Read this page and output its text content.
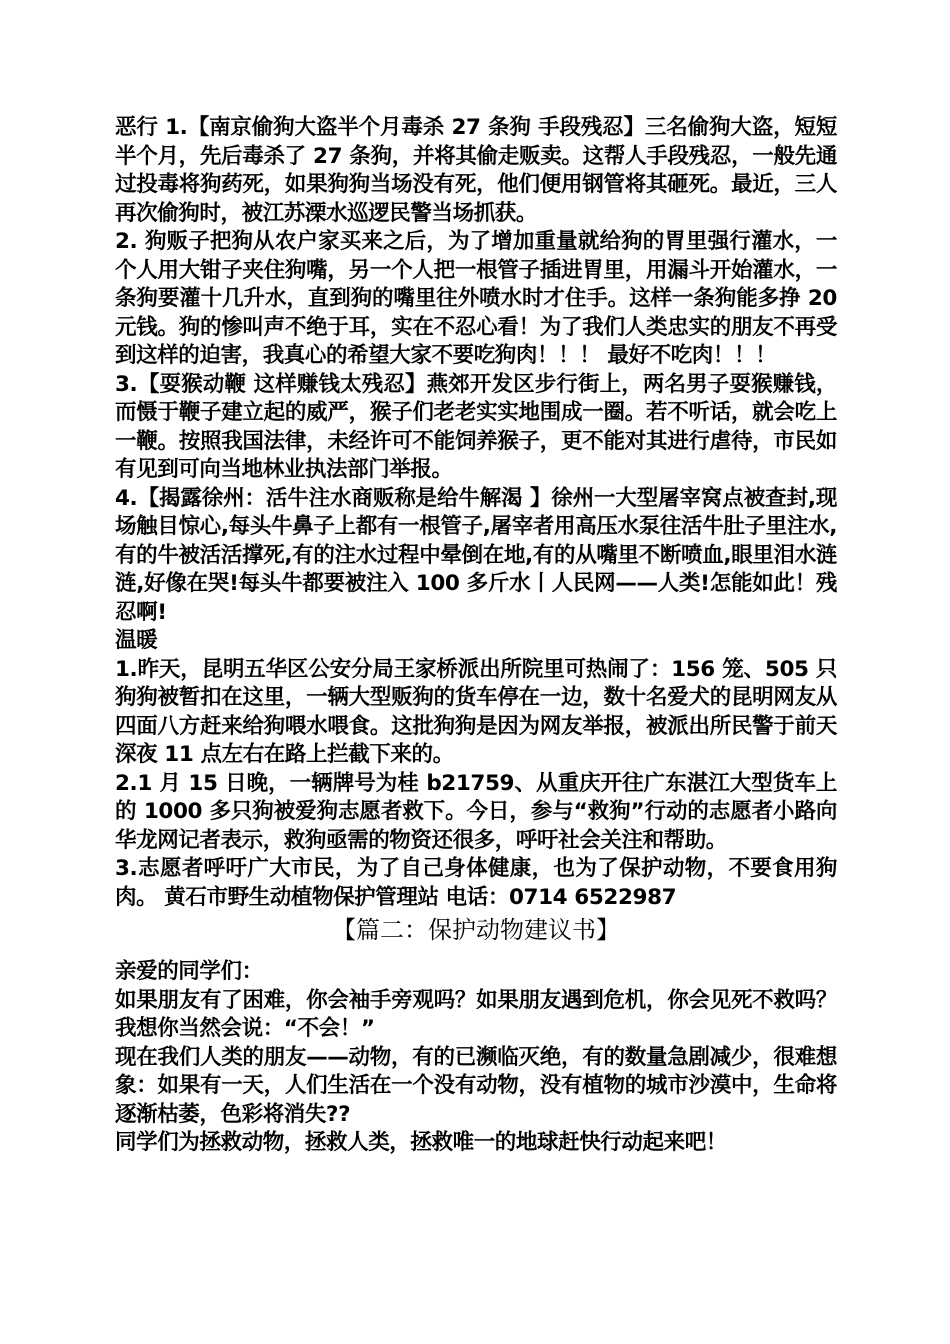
恶行 1.【南京偷狗大盗半个月毒杀 27 条狗 手段残忍】三名偷狗大盗，短短半个月，先后毒杀了 27 条狗，并将其偷走贩卖。这帮人手段残忍，一般先通过投毒将狗药死，如果狗狗当场没有死，他们便用钢管将其砸死。最近，三人再次偷狗时，被江苏溧水巡逻民警当场抓获。

2. 狗贩子把狗从农户家买来之后，为了增加重量就给狗的胃里强行灌水，一个人用大钳子夹住狗嘴，另一个人把一根管子插进胃里，用漏斗开始灌水，一条狗要灌十几升水，直到狗的嘴里往外喷水时才住手。这样一条狗能多挣 20 元钱。狗的惨叫声不绝于耳，实在不忍心看！为了我们人类忠实的朋友不再受到这样的迫害，我真心的希望大家不要吃狗肉！！！ 最好不吃肉！！！

3.【耍猴动鞭 这样赚钱太残忍】燕郊开发区步行街上，两名男子耍猴赚钱，而慑于鞭子建立起的威严，猴子们老老实实地围成一圈。若不听话，就会吃上一鞭。按照我国法律，未经许可不能饲养猴子，更不能对其进行虐待，市民如有见到可向当地林业执法部门举报。

4.【揭露徐州：活牛注水商贩称是给牛解渴 】徐州一大型屠宰窝点被查封,现场触目惊心,每头牛鼻子上都有一根管子,屠宰者用高压水泵往活牛肚子里注水,有的牛被活活撑死,有的注水过程中晕倒在地,有的从嘴里不断喷血,眼里泪水涟涟,好像在哭!每头牛都要被注入 100 多斤水丨人民网——人类!怎能如此！残忍啊!

温暖

1.昨天，昆明五华区公安分局王家桥派出所院里可热闹了：156 笼、505 只狗狗被暂扣在这里，一辆大型贩狗的货车停在一边，数十名爱犬的昆明网友从四面八方赶来给狗喂水喂食。这批狗狗是因为网友举报，被派出所民警于前天深夜 11 点左右在路上拦截下来的。

2.1 月 15 日晚，一辆牌号为桂 b21759、从重庆开往广东湛江大型货车上的 1000 多只狗被爱狗志愿者救下。今日，参与“救狗”行动的志愿者小路向华龙网记者表示，救狗亟需的物资还很多，呼吁社会关注和帮助。

3.志愿者呼吁广大市民，为了自己身体健康，也为了保护动物，不要食用狗肉。 黄石市野生动植物保护管理站 电话：0714 6522987

【篇二：保护动物建议书】

亲爱的同学们：

如果朋友有了困难，你会袖手旁观吗？如果朋友遇到危机，你会见死不救吗？我想你当然会说：“不会！”

现在我们人类的朋友——动物，有的已濒临灭绝，有的数量急剧减少，很难想象：如果有一天，人们生活在一个没有动物，没有植物的城市沙漠中，生命将逐渐枯萎，色彩将消失??

同学们为拯救动物，拯救人类，拯救唯一的地球赶快行动起来吧！
